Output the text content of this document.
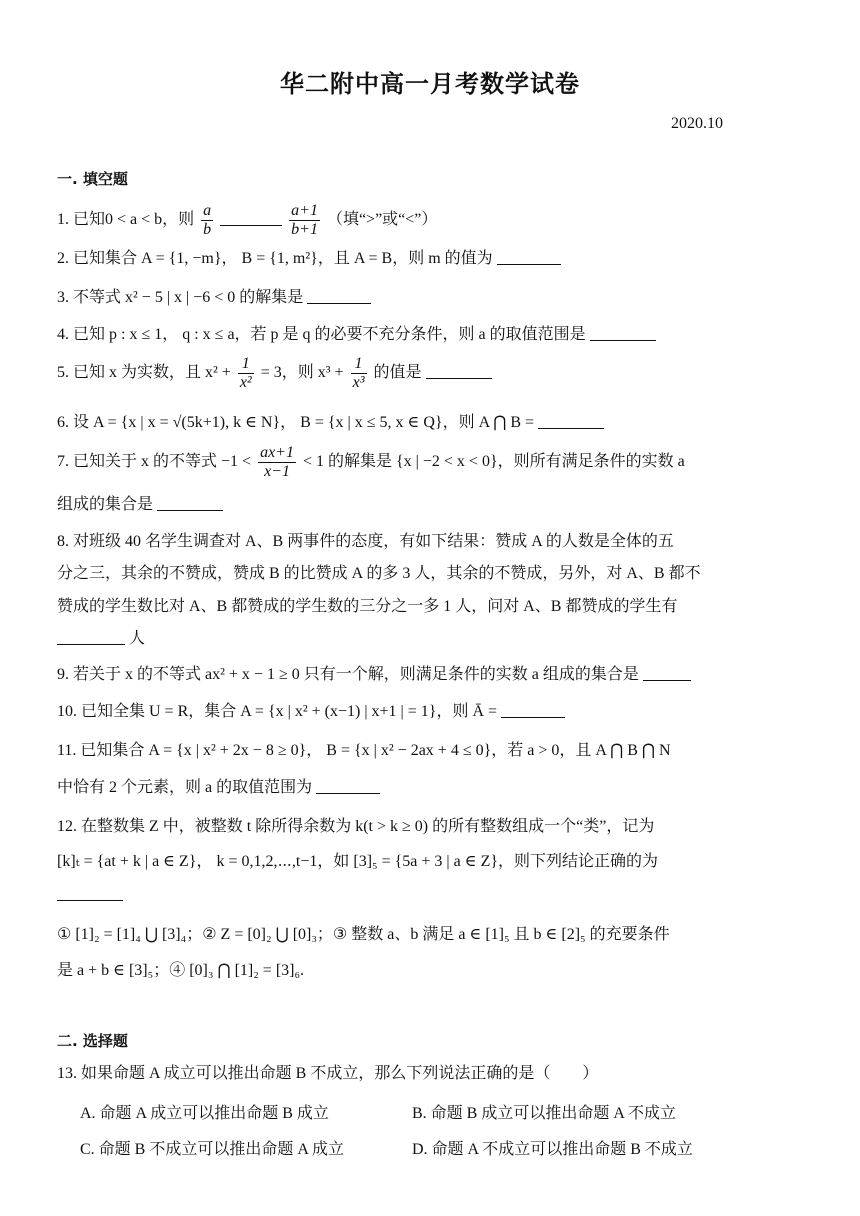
华二附中高一月考数学试卷
2020.10
一. 填空题
1. 已知0 < a < b，则 $\frac{a}{b}$
	$\frac{a+1}{b+1}$ （填“>”或“<”）
2. 已知集合 A = {1, −m}， B = {1, m²}，且 A = B，则 m 的值为
3. 不等式 x² − 5 | x | −6 < 0 的解集是
4. 已知 p : x ≤ 1， q : x ≤ a，若 p 是 q 的必要不充分条件，则 a 的取值范围是
5. 已知 x 为实数，且 $x^2 + \frac{1}{\text{x²}} = 3$，则 $x^3 + \frac{1}{\text{x³}}$ 的值是
6. 设 A = {x | x = √(5k+1), k ∈ N}， B = {x | x ≤ 5, x ∈ Q}，则 A ⋂ B =
7. 已知关于 x 的不等式 $-1 < \frac{ax+1}{x-1} < 1$ 的解集是 {x | −2 < x < 0}，则所有满足条件的实数 a
组成的集合是
8. 对班级 40 名学生调查对 A、B 两事件的态度，有如下结果：赞成 A 的人数是全体的五
分之三，其余的不赞成，赞成 B 的比赞成 A 的多 3 人，其余的不赞成，另外，对 A、B 都不
赞成的学生数比对 A、B 都赞成的学生数的三分之一多 1 人，问对 A、B 都赞成的学生有
人
9. 若关于 x 的不等式 ax² + x − 1 ≥ 0 只有一个解，则满足条件的实数 a 组成的集合是
10. 已知全集 U = R，集合 A = {x | x² + (x−1) | x+1 | = 1}，则 Ā =
11. 已知集合 A = {x | x² + 2x − 8 ≥ 0}， B = {x | x² − 2ax + 4 ≤ 0}，若 a > 0，且 A ⋂ B ⋂ N
中恰有 2 个元素，则 a 的取值范围为
12. 在整数集 Z 中，被整数 t 除所得余数为 k(t > k ≥ 0) 的所有整数组成一个“类”，记为
[k]ₜ = {at + k | a ∈ Z}， k = 0,1,2,⋯,t−1，如 [3]₅ = {5a + 3 | a ∈ Z}，则下列结论正确的为
① [1]₂ = [1]₄ ⋃ [3]₄；② Z = [0]₂ ⋃ [0]₃；③ 整数 a、b 满足 a ∈ [1]₅ 且 b ∈ [2]₅ 的充要条件
是 a + b ∈ [3]₅；④ [0]₃ ⋂ [1]₂ = [3]₆.
二. 选择题
13. 如果命题 A 成立可以推出命题 B 不成立，那么下列说法正确的是（　　）
A. 命题 A 成立可以推出命题 B 成立	B. 命题 B 成立可以推出命题 A 不成立
C. 命题 B 不成立可以推出命题 A 成立	D. 命题 A 不成立可以推出命题 B 不成立
